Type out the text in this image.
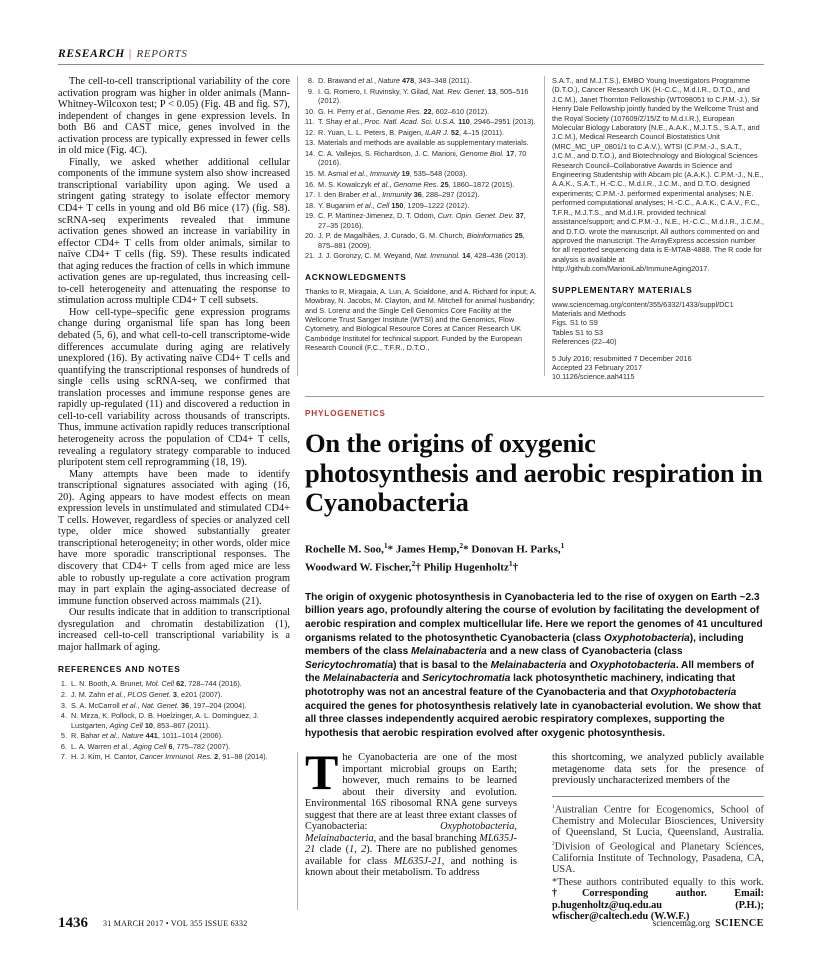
RESEARCH | REPORTS

The cell-to-cell transcriptional variability of the core activation program was higher in older animals (Mann-Whitney-Wilcoxon test; P < 0.05) (Fig. 4B and fig. S7), independent of changes in gene expression levels. In both B6 and CAST mice, genes involved in the activation process are typically expressed in fewer cells in old mice (Fig. 4C).

Finally, we asked whether additional cellular components of the immune system also show increased transcriptional variability upon aging. We used a stringent gating strategy to isolate effector memory CD4+ T cells in young and old B6 mice (17) (fig. S8). scRNA-seq experiments revealed that immune activation genes showed an increase in variability in effector CD4+ T cells from older animals, similar to naïve CD4+ T cells (fig. S9). These results indicated that aging reduces the fraction of cells in which immune activation genes are up-regulated, thus increasing cell-to-cell heterogeneity and attenuating the response to stimulation across multiple CD4+ T cell subsets.

How cell-type–specific gene expression programs change during organismal life span has long been debated (5, 6), and what cell-to-cell transcriptome-wide differences accumulate during aging are relatively unexplored (16). By activating naïve CD4+ T cells and quantifying the transcriptional responses of hundreds of single cells using scRNA-seq, we confirmed that translation processes and immune response genes are rapidly up-regulated (11) and discovered a reduction in cell-to-cell variability across thousands of transcripts. Thus, immune activation rapidly reduces transcriptional heterogeneity across the population of CD4+ T cells, revealing a regulatory strategy comparable to induced pluripotent stem cell reprogramming (18, 19).

Many attempts have been made to identify transcriptional signatures associated with aging (16, 20). Aging appears to have modest effects on mean expression levels in unstimulated and stimulated CD4+ T cells. However, regardless of species or analyzed cell type, older mice showed substantially greater transcriptional heterogeneity; in other words, older mice have more sporadic transcriptional responses. The discovery that CD4+ T cells from aged mice are less able to robustly up-regulate a core activation program may in part explain the aging-associated decrease of immune function observed across mammals (21).

Our results indicate that in addition to transcriptional dysregulation and chromatin destabilization (1), increased cell-to-cell transcriptional variability is a major hallmark of aging.

REFERENCES AND NOTES
1. L. N. Booth, A. Brunet, Mol. Cell 62, 728–744 (2016).
2. J. M. Zahn et al., PLOS Genet. 3, e201 (2007).
3. S. A. McCarroll et al., Nat. Genet. 36, 197–204 (2004).
4. N. Mirza, K. Pollock, D. B. Hoelzinger, A. L. Dominguez, J. Lustgarten, Aging Cell 10, 853–867 (2011).
5. R. Bahar et al., Nature 441, 1011–1014 (2006).
6. L. A. Warren et al., Aging Cell 6, 775–782 (2007).
7. H. J. Kim, H. Cantor, Cancer Immunol. Res. 2, 91–98 (2014).
8. D. Brawand et al., Nature 478, 343–348 (2011).
9. I. G. Romero, I. Ruvinsky, Y. Gilad, Nat. Rev. Genet. 13, 505–516 (2012).
10. G. H. Perry et al., Genome Res. 22, 602–610 (2012).
11. T. Shay et al., Proc. Natl. Acad. Sci. U.S.A. 110, 2946–2951 (2013).
12. R. Yuan, L. L. Peters, B. Paigen, ILAR J. 52, 4–15 (2011).
13. Materials and methods are available as supplementary materials.
14. C. A. Vallejos, S. Richardson, J. C. Marioni, Genome Biol. 17, 70 (2016).
15. M. Asmal et al., Immunity 19, 535–548 (2003).
16. M. S. Kowalczyk et al., Genome Res. 25, 1860–1872 (2015).
17. I. den Braber et al., Immunity 36, 288–297 (2012).
18. Y. Buganim et al., Cell 150, 1209–1222 (2012).
19. C. P. Martinez-Jimenez, D. T. Odom, Curr. Opin. Genet. Dev. 37, 27–35 (2016).
20. J. P. de Magalhães, J. Curado, G. M. Church, Bioinformatics 25, 875–881 (2009).
21. J. J. Goronzy, C. M. Weyand, Nat. Immunol. 14, 428–436 (2013).
ACKNOWLEDGMENTS

Thanks to R. Miragaia, A. Lun, A. Scialdone, and A. Richard for input; A. Mowbray, N. Jacobs, M. Clayton, and M. Mitchell for animal husbandry; and S. Lorenz and the Single Cell Genomics Core Facility at the Wellcome Trust Sanger Institute (WTSI) and the Genomics, Flow Cytometry, and Biological Resource Cores at Cancer Research UK Cambridge Institutel for technical support. Funded by the European Research Council (F.C., T.F.R., D.T.O.,

S.A.T., and M.J.T.S.), EMBO Young Investigators Programme (D.T.O.), Cancer Research UK (H.-C.C., M.d.I.R., D.T.O., and J.C.M.), Janet Thornton Fellowship (WT098051 to C.P.M.-J.), Sir Henry Dale Fellowship jointly funded by the Wellcome Trust and the Royal Society (107609/Z/15/Z to M.d.I.R.), European Molecular Biology Laboratory (N.E., A.A.K., M.J.T.S., S.A.T., and J.C.M.), Medical Research Council Biostatistics Unit (MRC_MC_UP_0801/1 to C.A.V.), WTSI (C.P.M.-J., S.A.T., J.C.M., and D.T.O.), and Biotechnology and Biological Sciences Research Council–Collaborative Awards in Science and Engineering Studentship with Abcam plc (A.A.K.). C.P.M.-J., N.E., A.A.K., S.A.T., H.-C.C., M.d.I.R., J.C.M., and D.T.O. designed experiments; C.P.M.-J. performed experimental analyses; N.E. performed computational analyses; H.-C.C., A.A.K., C.A.V., F.C., T.F.R., M.J.T.S., and M.d.I.R. provided technical assistance/support; and C.P.M.-J., N.E., H.-C.C., M.d.I.R., J.C.M., and D.T.O. wrote the manuscript. All authors commented on and approved the manuscript. The ArrayExpress accession number for all reported sequencing data is E-MTAB-4888. The R code for analysis is available at http://github.com/MarioniLab/ImmuneAging2017.

SUPPLEMENTARY MATERIALS

www.sciencemag.org/content/355/6332/1433/suppl/DC1

Materials and Methods

Figs. S1 to S9

Tables S1 to S3

References (22–40)

5 July 2016; resubmitted 7 December 2016

Accepted 23 February 2017

10.1126/science.aah4115

PHYLOGENETICS
On the origins of oxygenic photosynthesis and aerobic respiration in Cyanobacteria
Rochelle M. Soo,$^1$* James Hemp,$^2$* Donovan H. Parks,$^1$
Woodward W. Fischer,$^2$† Philip Hugenholtz$^1$†
The origin of oxygenic photosynthesis in Cyanobacteria led to the rise of oxygen on Earth ~2.3 billion years ago, profoundly altering the course of evolution by facilitating the development of aerobic respiration and complex multicellular life. Here we report the genomes of 41 uncultured organisms related to the photosynthetic Cyanobacteria (class Oxyphotobacteria), including members of the class Melainabacteria and a new class of Cyanobacteria (class Sericytochromatia) that is basal to the Melainabacteria and Oxyphotobacteria. All members of the Melainabacteria and Sericytochromatia lack photosynthetic machinery, indicating that phototrophy was not an ancestral feature of the Cyanobacteria and that Oxyphotobacteria acquired the genes for photosynthesis relatively late in cyanobacterial evolution. We show that all three classes independently acquired aerobic respiratory complexes, supporting the hypothesis that aerobic respiration evolved after oxygenic photosynthesis.

The Cyanobacteria are one of the most important microbial groups on Earth; however, much remains to be learned about their diversity and evolution. Environmental 16S ribosomal RNA gene surveys suggest that there are at least three extant classes of Cyanobacteria: Oxyphotobacteria, Melainabacteria, and the basal branching ML635J-21 clade (1, 2). There are no published genomes available for class ML635J-21, and nothing is known about their metabolism. To address

this shortcoming, we analyzed publicly available metagenome data sets for the presence of previously uncharacterized members of the

$^1$Australian Centre for Ecogenomics, School of Chemistry and Molecular Biosciences, University of Queensland, St Lucia, Queensland, Australia. $^2$Division of Geological and Planetary Sciences, California Institute of Technology, Pasadena, CA, USA.

*These authors contributed equally to this work. †Corresponding author. Email: p.hugenholtz@uq.edu.au (P.H.); wfischer@caltech.edu (W.W.F.)

1436 31 MARCH 2017 • VOL 355 ISSUE 6332	sciencemag.org SCIENCE
